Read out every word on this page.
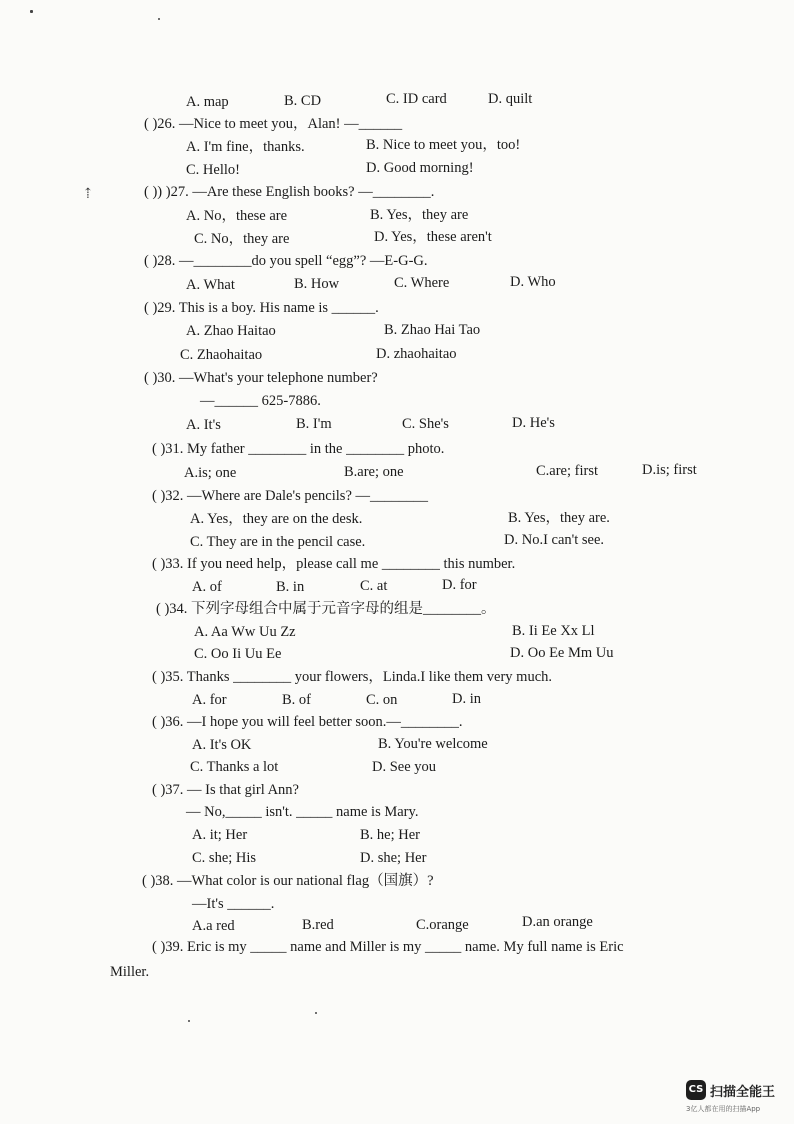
⇡
A. map	B. CD	C. ID card	D. quilt
( )26. —Nice to meet you，Alan! —______
A. I'm fine，thanks.	B. Nice to meet you，too!
C. Hello!	D. Good morning!
( )) )27. —Are these English books? —________.
A. No，these are	B. Yes，they are
C. No，they are	D. Yes，these aren't
( )28. —________do you spell “egg”? —E-G-G.
A. What	B. How	C. Where	D. Who
( )29. This is a boy. His name is ______.
A. Zhao Haitao	B. Zhao Hai Tao
C. Zhaohaitao	D. zhaohaitao
( )30. —What's your telephone number?
—______ 625-7886.
A. It's	B. I'm	C. She's	D. He's
( )31. My father ________ in the ________ photo.
A.is; one	B.are; one	C.are; first	D.is; first
( )32. —Where are Dale's pencils? —________
A. Yes，they are on the desk.	B. Yes，they are.
C. They are in the pencil case.	D. No.I can't see.
( )33. If you need help，please call me ________ this number.
A. of	B. in	C. at	D. for
( )34. 下列字母组合中属于元音字母的组是________。
A. Aa Ww Uu Zz	B. Ii Ee Xx Ll
C. Oo Ii Uu Ee	D. Oo Ee Mm Uu
( )35. Thanks ________ your flowers，Linda.I like them very much.
A. for	B. of	C. on	D. in
( )36. —I hope you will feel better soon.—________.
A. It's OK	B. You're welcome
C. Thanks a lot	D. See you
( )37. — Is that girl Ann?
— No,_____ isn't. _____ name is Mary.
A. it; Her	B. he; Her
C. she; His	D. she; Her
( )38. —What color is our national flag（国旗）?
—It's ______.
A.a red	B.red	C.orange	D.an orange
( )39. Eric is my _____ name and Miller is my _____ name. My full name is Eric
Miller.
CS 扫描全能王
3亿人都在用的扫描App
